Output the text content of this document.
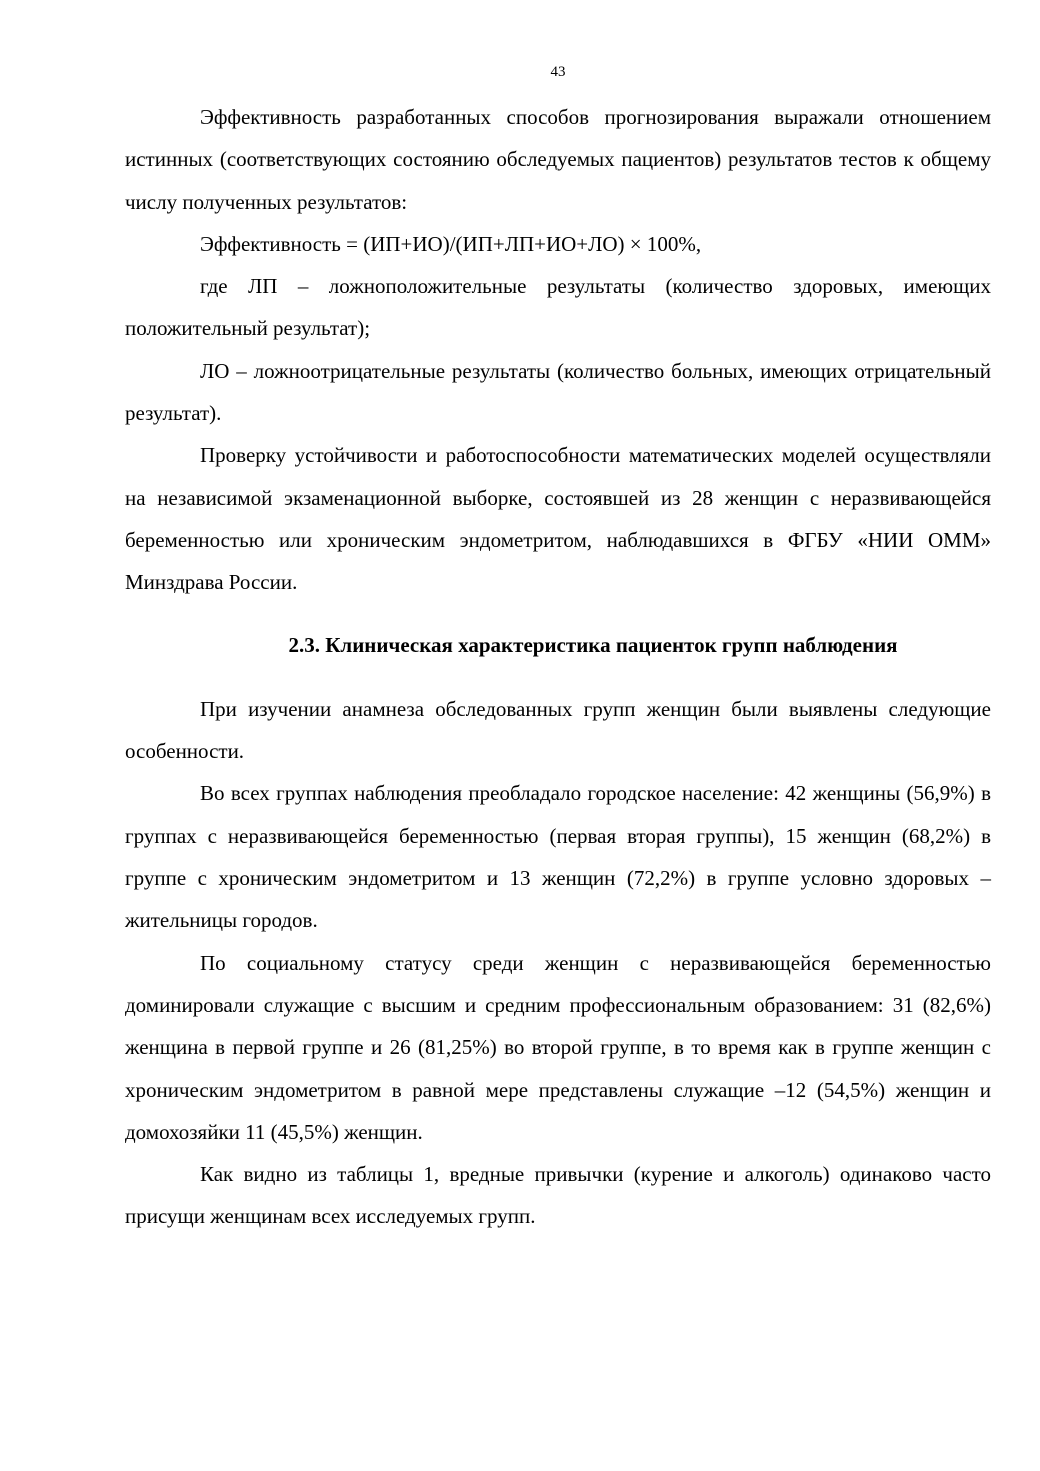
43

Эффективность разработанных способов прогнозирования выражали отношением истинных (соответствующих состоянию обследуемых пациентов) результатов тестов к общему числу полученных результатов:

Эффективность = (ИП+ИО)/(ИП+ЛП+ИО+ЛО) × 100%,

где ЛП – ложноположительные результаты (количество здоровых, имеющих положительный результат);

ЛО – ложноотрицательные результаты (количество больных, имеющих отрицательный результат).

Проверку устойчивости и работоспособности математических моделей осуществляли на независимой экзаменационной выборке, состоявшей из 28 женщин с неразвивающейся беременностью или хроническим эндометритом, наблюдавшихся в ФГБУ «НИИ ОММ» Минздрава России.

2.3. Клиническая характеристика пациенток групп наблюдения

При изучении анамнеза обследованных групп женщин были выявлены следующие особенности.

Во всех группах наблюдения преобладало городское население: 42 женщины (56,9%) в группах с неразвивающейся беременностью (первая вторая группы), 15 женщин (68,2%) в группе с хроническим эндометритом и 13 женщин (72,2%) в группе условно здоровых – жительницы городов.

По социальному статусу среди женщин с неразвивающейся беременностью доминировали служащие с высшим и средним профессиональным образованием: 31 (82,6%) женщина в первой группе и 26 (81,25%) во второй группе, в то время как в группе женщин с хроническим эндометритом в равной мере представлены служащие –12 (54,5%) женщин и домохозяйки 11 (45,5%) женщин.

Как видно из таблицы 1, вредные привычки (курение и алкоголь) одинаково часто присущи женщинам всех исследуемых групп.
